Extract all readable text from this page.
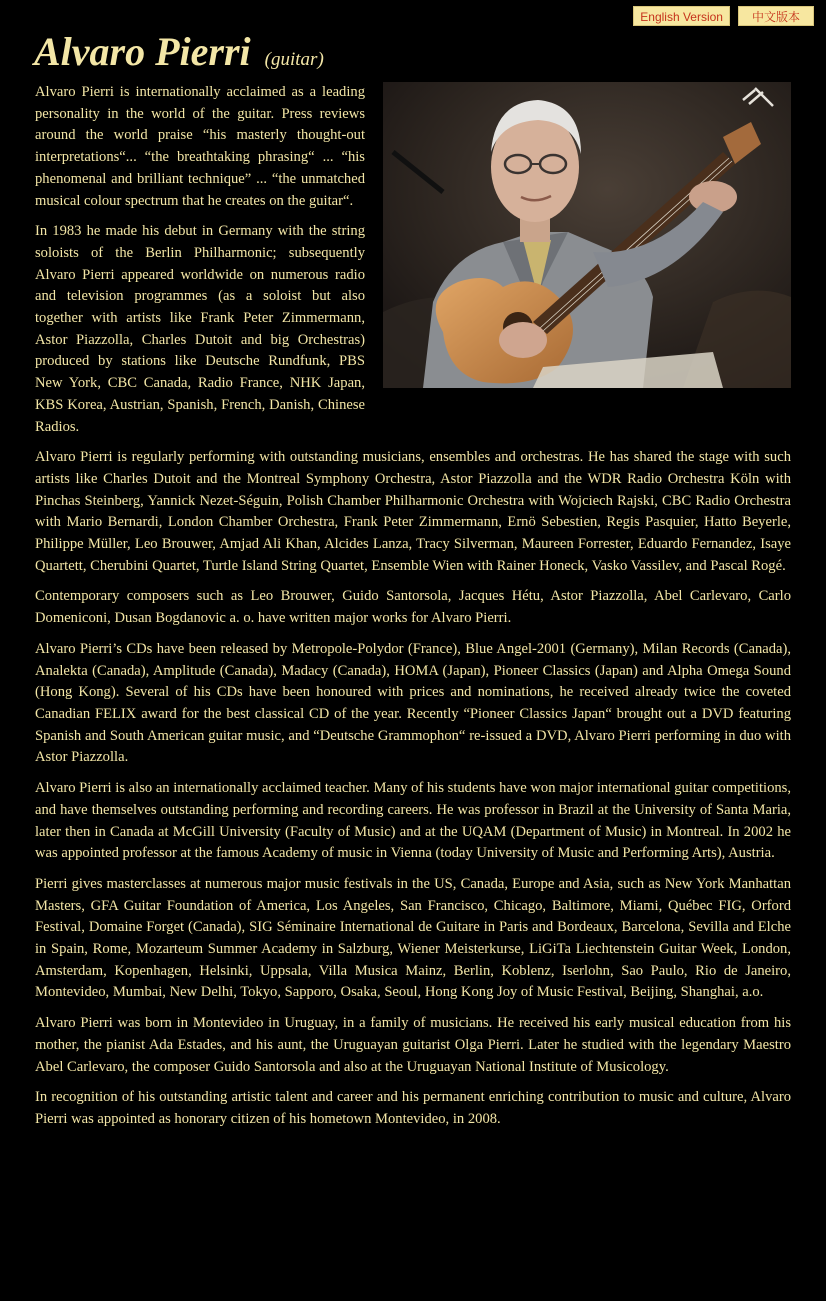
English Version	中文版本
Alvaro Pierri (guitar)

Alvaro Pierri is internationally acclaimed as a leading personality in the world of the guitar. Press reviews around the world praise “his masterly thought-out interpretations“... “the breathtaking phrasing“ ... “his phenomenal and brilliant technique” ... “the unmatched musical colour spectrum that he creates on the guitar“.

In 1983 he made his debut in Germany with the string soloists of the Berlin Philharmonic; subsequently Alvaro Pierri appeared worldwide on numerous radio and television programmes (as a soloist but also together with artists like Frank Peter Zimmermann, Astor Piazzolla, Charles Dutoit and big Orchestras) produced by stations like Deutsche Rundfunk, PBS New York, CBC Canada, Radio France, NHK Japan, KBS Korea, Austrian, Spanish, French, Danish, Chinese Radios.

Alvaro Pierri is regularly performing with outstanding musicians, ensembles and orchestras. He has shared the stage with such artists like Charles Dutoit and the Montreal Symphony Orchestra, Astor Piazzolla and the WDR Radio Orchestra Köln with Pinchas Steinberg, Yannick Nezet-Séguin, Polish Chamber Philharmonic Orchestra with Wojciech Rajski, CBC Radio Orchestra with Mario Bernardi, London Chamber Orchestra, Frank Peter Zimmermann, Ernö Sebestien, Regis Pasquier, Hatto Beyerle, Philippe Müller, Leo Brouwer, Amjad Ali Khan, Alcides Lanza, Tracy Silverman, Maureen Forrester, Eduardo Fernandez, Isaye Quartett, Cherubini Quartet, Turtle Island String Quartet, Ensemble Wien with Rainer Honeck, Vasko Vassilev, and Pascal Rogé.

Contemporary composers such as Leo Brouwer, Guido Santorsola, Jacques Hétu, Astor Piazzolla, Abel Carlevaro, Carlo Domeniconi, Dusan Bogdanovic a. o. have written major works for Alvaro Pierri.

Alvaro Pierri’s CDs have been released by Metropole-Polydor (France), Blue Angel-2001 (Germany), Milan Records (Canada), Analekta (Canada), Amplitude (Canada), Madacy (Canada), HOMA (Japan), Pioneer Classics (Japan) and Alpha Omega Sound (Hong Kong). Several of his CDs have been honoured with prices and nominations, he received already twice the coveted Canadian FELIX award for the best classical CD of the year. Recently “Pioneer Classics Japan“ brought out a DVD featuring Spanish and South American guitar music, and “Deutsche Grammophon“ re-issued a DVD, Alvaro Pierri performing in duo with Astor Piazzolla.

Alvaro Pierri is also an internationally acclaimed teacher. Many of his students have won major international guitar competitions, and have themselves outstanding performing and recording careers. He was professor in Brazil at the University of Santa Maria, later then in Canada at McGill University (Faculty of Music) and at the UQAM (Department of Music) in Montreal. In 2002 he was appointed professor at the famous Academy of music in Vienna (today University of Music and Performing Arts), Austria.

Pierri gives masterclasses at numerous major music festivals in the US, Canada, Europe and Asia, such as New York Manhattan Masters, GFA Guitar Foundation of America, Los Angeles, San Francisco, Chicago, Baltimore, Miami, Québec FIG, Orford Festival, Domaine Forget (Canada), SIG Séminaire International de Guitare in Paris and Bordeaux, Barcelona, Sevilla and Elche in Spain, Rome, Mozarteum Summer Academy in Salzburg, Wiener Meisterkurse, LiGiTa Liechtenstein Guitar Week, London, Amsterdam, Kopenhagen, Helsinki, Uppsala, Villa Musica Mainz, Berlin, Koblenz, Iserlohn, Sao Paulo, Rio de Janeiro, Montevideo, Mumbai, New Delhi, Tokyo, Sapporo, Osaka, Seoul, Hong Kong Joy of Music Festival, Beijing, Shanghai, a.o.

Alvaro Pierri was born in Montevideo in Uruguay, in a family of musicians. He received his early musical education from his mother, the pianist Ada Estades, and his aunt, the Uruguayan guitarist Olga Pierri. Later he studied with the legendary Maestro Abel Carlevaro, the composer Guido Santorsola and also at the Uruguayan National Institute of Musicology.

In recognition of his outstanding artistic talent and career and his permanent enriching contribution to music and culture, Alvaro Pierri was appointed as honorary citizen of his hometown Montevideo, in 2008.
